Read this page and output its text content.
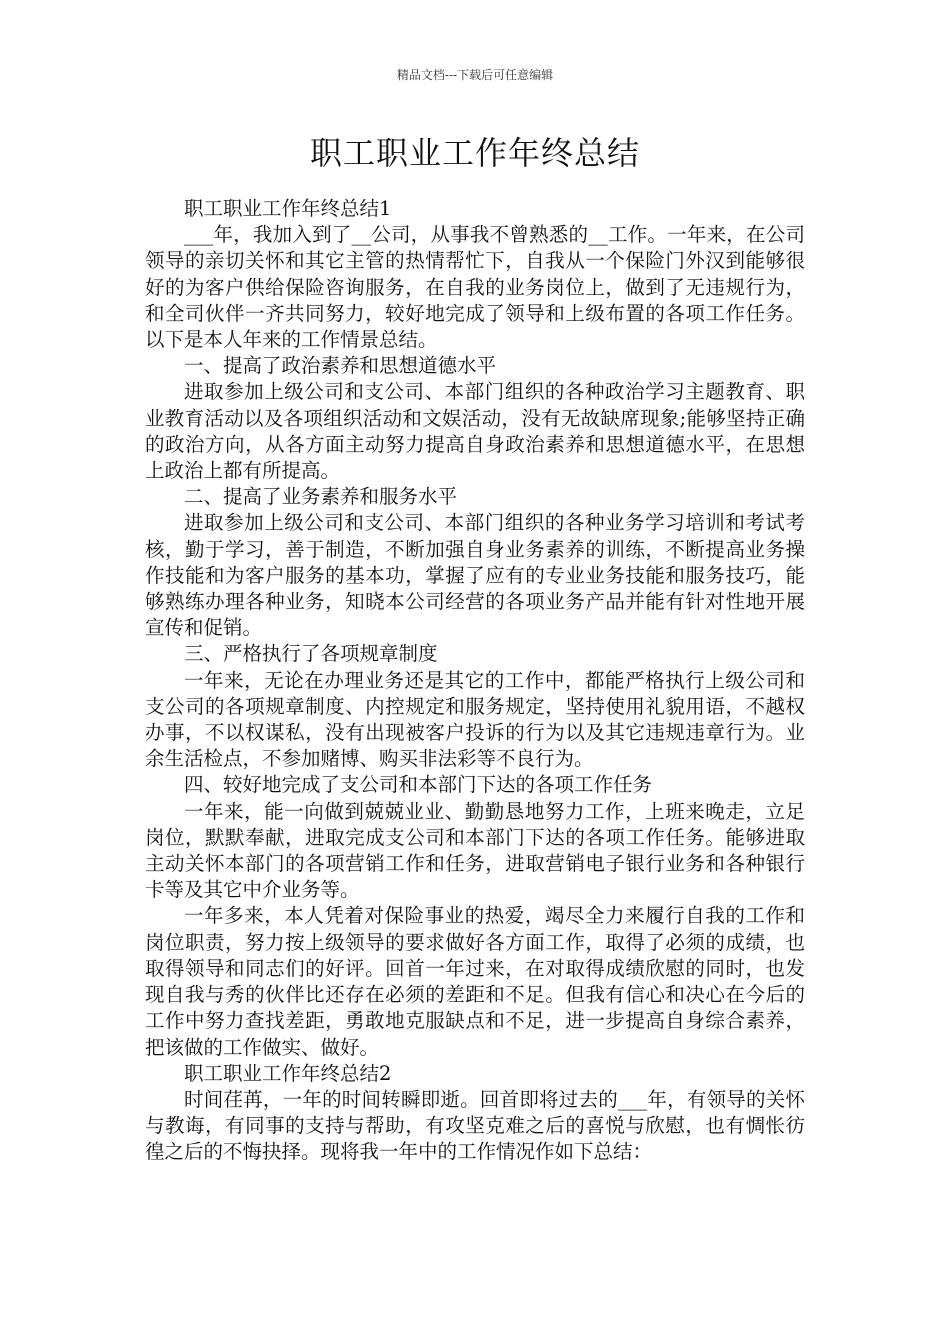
精品文档---下载后可任意编辑
职工职业工作年终总结

职工职业工作年终总结1

___年，我加入到了__公司，从事我不曾熟悉的__工作。一年来，在公司领导的亲切关怀和其它主管的热情帮忙下，自我从一个保险门外汉到能够很好的为客户供给保险咨询服务，在自我的业务岗位上，做到了无违规行为，和全司伙伴一齐共同努力，较好地完成了领导和上级布置的各项工作任务。以下是本人年来的工作情景总结。

一、提高了政治素养和思想道德水平

进取参加上级公司和支公司、本部门组织的各种政治学习主题教育、职业教育活动以及各项组织活动和文娱活动，没有无故缺席现象;能够坚持正确的政治方向，从各方面主动努力提高自身政治素养和思想道德水平，在思想上政治上都有所提高。

二、提高了业务素养和服务水平

进取参加上级公司和支公司、本部门组织的各种业务学习培训和考试考核，勤于学习，善于制造，不断加强自身业务素养的训练，不断提高业务操作技能和为客户服务的基本功，掌握了应有的专业业务技能和服务技巧，能够熟练办理各种业务，知晓本公司经营的各项业务产品并能有针对性地开展宣传和促销。

三、严格执行了各项规章制度

一年来，无论在办理业务还是其它的工作中，都能严格执行上级公司和支公司的各项规章制度、内控规定和服务规定，坚持使用礼貌用语，不越权办事，不以权谋私，没有出现被客户投诉的行为以及其它违规违章行为。业余生活检点，不参加赌博、购买非法彩等不良行为。

四、较好地完成了支公司和本部门下达的各项工作任务

一年来，能一向做到兢兢业业、勤勤恳地努力工作，上班来晚走，立足岗位，默默奉献，进取完成支公司和本部门下达的各项工作任务。能够进取主动关怀本部门的各项营销工作和任务，进取营销电子银行业务和各种银行卡等及其它中介业务等。

一年多来，本人凭着对保险事业的热爱，竭尽全力来履行自我的工作和岗位职责，努力按上级领导的要求做好各方面工作，取得了必须的成绩，也取得领导和同志们的好评。回首一年过来，在对取得成绩欣慰的同时，也发现自我与秀的伙伴比还存在必须的差距和不足。但我有信心和决心在今后的工作中努力查找差距，勇敢地克服缺点和不足，进一步提高自身综合素养，把该做的工作做实、做好。

职工职业工作年终总结2

时间荏苒，一年的时间转瞬即逝。回首即将过去的___年，有领导的关怀与教诲，有同事的支持与帮助，有攻坚克难之后的喜悦与欣慰，也有惆怅彷徨之后的不悔抉择。现将我一年中的工作情况作如下总结：
